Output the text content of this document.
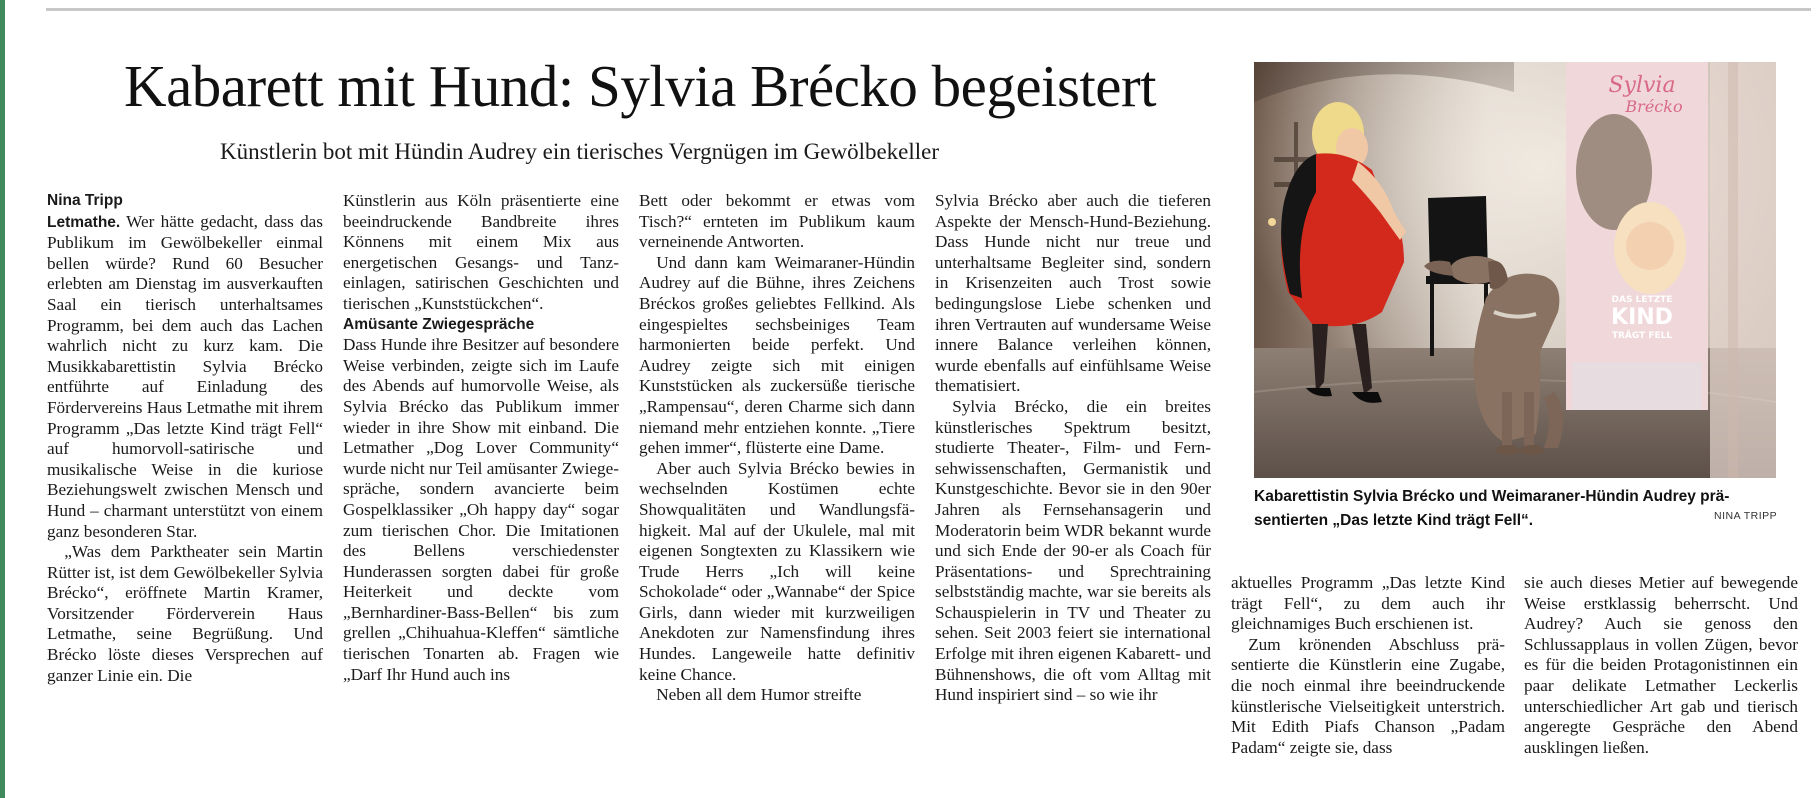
Kabarett mit Hund: Sylvia Brécko begeistert
Künstlerin bot mit Hündin Audrey ein tierisches Vergnügen im Gewölbekeller

Nina Tripp

Letmathe. Wer hätte gedacht, dass das Publikum im Gewölbekeller einmal bellen würde? Rund 60 Besucher erlebten am Dienstag im ausverkauften Saal ein tierisch unterhaltsames Programm, bei dem auch das Lachen wahrlich nicht zu kurz kam. Die Musikkabarettistin Sylvia Brécko entführte auf Einladung des Fördervereins Haus Letmathe mit ihrem Programm „Das letzte Kind trägt Fell“ auf humorvoll-satirische und musikalische Weise in die kuriose Beziehungswelt zwischen Mensch und Hund – charmant unterstützt von einem ganz besonderen Star.

„Was dem Parktheater sein Martin Rütter ist, ist dem Gewölbekeller Sylvia Brécko“, eröffnete Martin Kramer, Vorsitzender Förderverein Haus Letmathe, seine Begrüßung. Und Brécko löste dieses Versprechen auf ganzer Linie ein. Die

Künstlerin aus Köln präsentierte eine beeindruckende Bandbreite ihres Könnens mit einem Mix aus energetischen Gesangs- und Tanzeinlagen, satirischen Geschichten und tierischen „Kunststückchen“.

Amüsante Zwiegespräche

Dass Hunde ihre Besitzer auf besondere Weise verbinden, zeigte sich im Laufe des Abends auf humorvolle Weise, als Sylvia Brécko das Publikum immer wieder in ihre Show mit einband. Die Letmather „Dog Lover Community“ wurde nicht nur Teil amüsanter Zwiegespräche, sondern avancierte beim Gospelklassiker „Oh happy day“ sogar zum tierischen Chor. Die Imitationen des Bellens verschiedenster Hunderassen sorgten dabei für große Heiterkeit und deckte vom „Bernhardiner-Bass-Bellen“ bis zum grellen „Chihuahua-Kleffen“ sämtliche tierischen Tonarten ab. Fragen wie „Darf Ihr Hund auch ins

Bett oder bekommt er etwas vom Tisch?“ ernteten im Publikum kaum verneinende Antworten.

Und dann kam Weimaraner-Hündin Audrey auf die Bühne, ihres Zeichens Bréckos großes geliebtes Fellkind. Als eingespieltes sechsbeiniges Team harmonierten beide perfekt. Und Audrey zeigte sich mit einigen Kunststücken als zuckersüße tierische „Rampensau“, deren Charme sich dann niemand mehr entziehen konnte. „Tiere gehen immer“, flüsterte eine Dame.

Aber auch Sylvia Brécko bewies in wechselnden Kostümen echte Showqualitäten und Wandlungsfähigkeit. Mal auf der Ukulele, mal mit eigenen Songtexten zu Klassikern wie Trude Herrs „Ich will keine Schokolade“ oder „Wannabe“ der Spice Girls, dann wieder mit kurzweiligen Anekdoten zur Namensfindung ihres Hundes. Langeweile hatte definitiv keine Chance.

Neben all dem Humor streifte

Sylvia Brécko aber auch die tieferen Aspekte der Mensch-Hund-Beziehung. Dass Hunde nicht nur treue und unterhaltsame Begleiter sind, sondern in Krisenzeiten auch Trost sowie bedingungslose Liebe schenken und ihren Vertrauten auf wundersame Weise innere Balance verleihen können, wurde ebenfalls auf einfühlsame Weise thematisiert.

Sylvia Brécko, die ein breites künstlerisches Spektrum besitzt, studierte Theater-, Film- und Fernsehwissenschaften, Germanistik und Kunstgeschichte. Bevor sie in den 90er Jahren als Fernsehansagerin und Moderatorin beim WDR bekannt wurde und sich Ende der 90-er als Coach für Präsentations- und Sprechtraining selbstständig machte, war sie bereits als Schauspielerin in TV und Theater zu sehen. Seit 2003 feiert sie international Erfolge mit ihren eigenen Kabarett- und Bühnenshows, die oft vom Alltag mit Hund inspiriert sind – so wie ihr

aktuelles Programm „Das letzte Kind trägt Fell“, zu dem auch ihr gleichnamiges Buch erschienen ist.

Zum krönenden Abschluss präsentierte die Künstlerin eine Zugabe, die noch einmal ihre beeindruckende künstlerische Vielseitigkeit unterstrich. Mit Edith Piafs Chanson „Padam Padam“ zeigte sie, dass

sie auch dieses Metier auf bewegende Weise erstklassig beherrscht. Und Audrey? Auch sie genoss den Schlussapplaus in vollen Zügen, bevor es für die beiden Protagonistinnen ein paar delikate Letmather Leckerlis unterschiedlicher Art gab und tierisch angeregte Gespräche den Abend ausklingen ließen.

Sylvia
Brécko
DAS LETZTE
KIND
TRÄGT FELL

Kabarettistin Sylvia Brécko und Weimaraner-Hündin Audrey präsentierten „Das letzte Kind trägt Fell“.	NINA TRIPP
